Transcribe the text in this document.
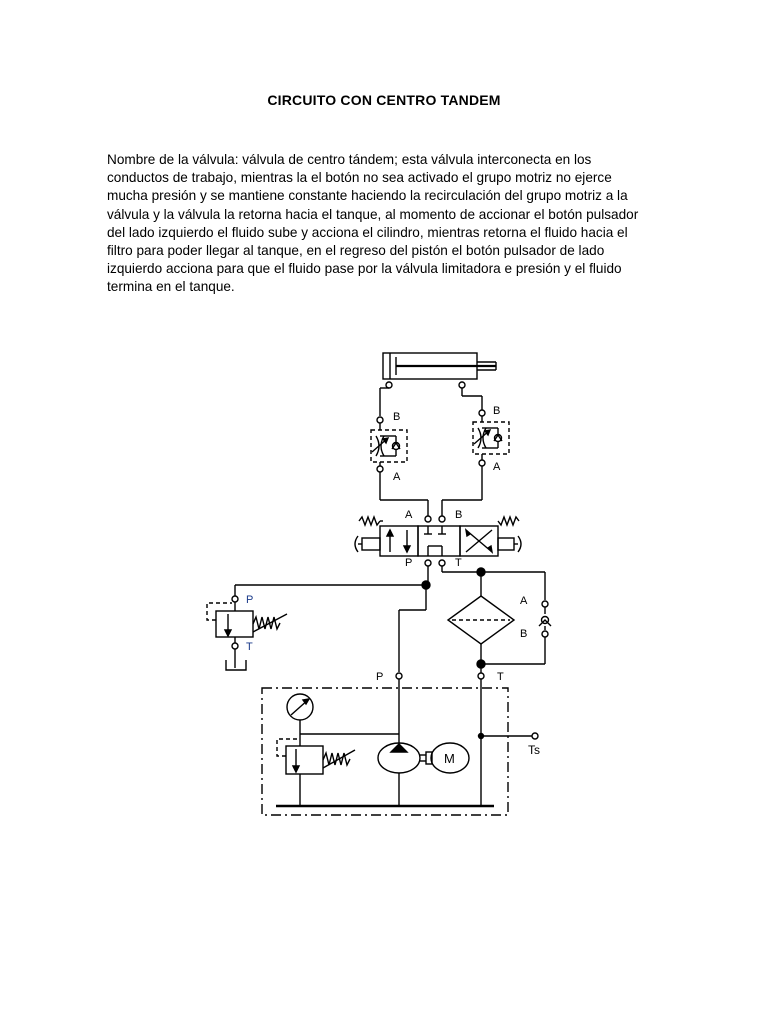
CIRCUITO CON CENTRO TANDEM

Nombre de la válvula: válvula de centro tándem; esta válvula interconecta en los conductos de trabajo, mientras la el botón no sea activado el grupo motriz no ejerce mucha presión y se mantiene constante haciendo la recirculación del grupo motriz a la válvula y la válvula la retorna hacia el tanque, al momento de accionar el botón pulsador del lado izquierdo el fluido sube y acciona el cilindro, mientras retorna el fluido hacia el filtro para poder llegar al tanque, en el regreso del pistón el botón pulsador de lado izquierdo acciona para que el fluido pase por la válvula limitadora e presión y el fluido termina en el tanque.

B
A
B
A
A	B
P	T
P
T
A
B
P	T
M
Ts
